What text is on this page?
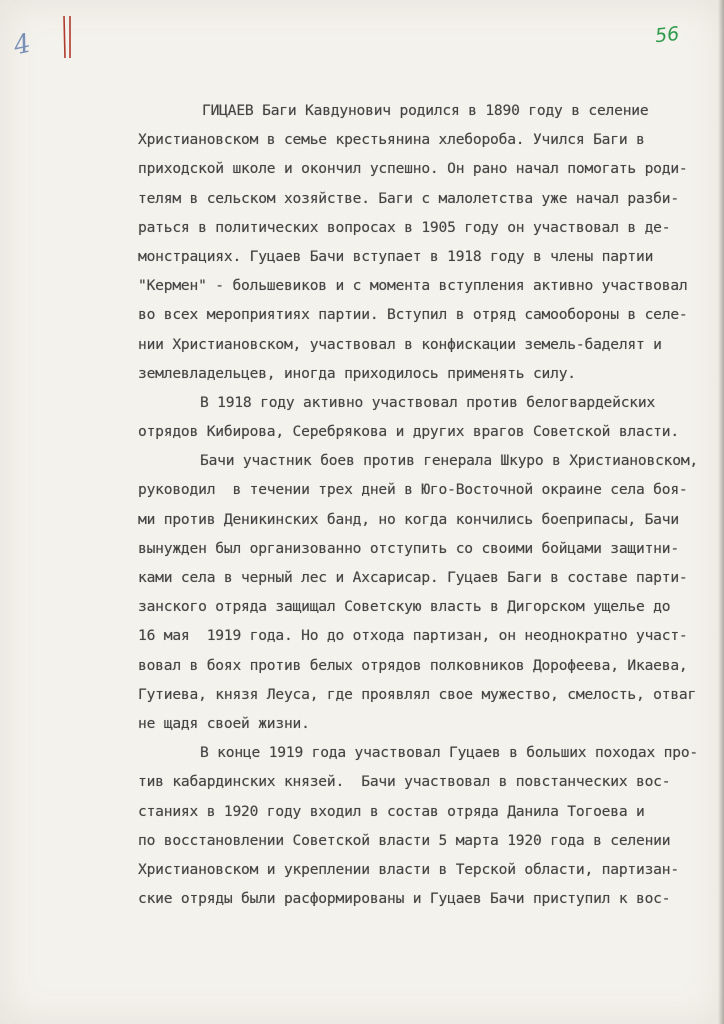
4	56
ГИЦАЕВ Баги Кавдунович родился в 1890 году в селение
Христиановском в семье крестьянина хлебороба. Учился Баги в
приходской школе и окончил успешно. Он рано начал помогать роди-
телям в сельском хозяйстве. Баги с малолетства уже начал разби-
раться в политических вопросах в 1905 году он участвовал в де-
монстрациях. Гуцаев Бачи вступает в 1918 году в члены партии
"Кермен" - большевиков и с момента вступления активно участвовал
во всех мероприятиях партии. Вступил в отряд самообороны в селе-
нии Христиановском, участвовал в конфискации земель-бaделят и
землевладельцев, иногда приходилось применять силу.
В 1918 году активно участвовал против белогвардейских
отрядов Кибирова, Серебрякова и других врагов Советской власти.
Бачи участник боев против генерала Шкуро в Христиановском,
руководил  в течении трех дней в Юго-Восточной окраине села боя-
ми против Деникинских банд, но когда кончились боеприпасы, Бачи
вынужден был организованно отступить со своими бойцами защитни-
ками села в черный лес и Ахсарисар. Гуцаев Баги в составе парти-
занского отряда защищал Советскую власть в Дигорском ущелье до
16 мая  1919 года. Но до отхода партизан, он неоднократно участ-
вовал в боях против белых отрядов полковников Дорофеева, Икаева,
Гутиева, князя Леуса, где проявлял свое мужество, смелость, отваг
не щадя своей жизни.
В конце 1919 года участвовал Гуцаев в больших походах про-
тив кабардинских князей.  Бачи участвовал в повстанческих вос-
станиях в 1920 году входил в состав отряда Данила Тогоева и
по восстановлении Советской власти 5 марта 1920 года в селении
Христиановском и укреплении власти в Терской области, партизан-
ские отряды были расформированы и Гуцаев Бачи приступил к вос-
